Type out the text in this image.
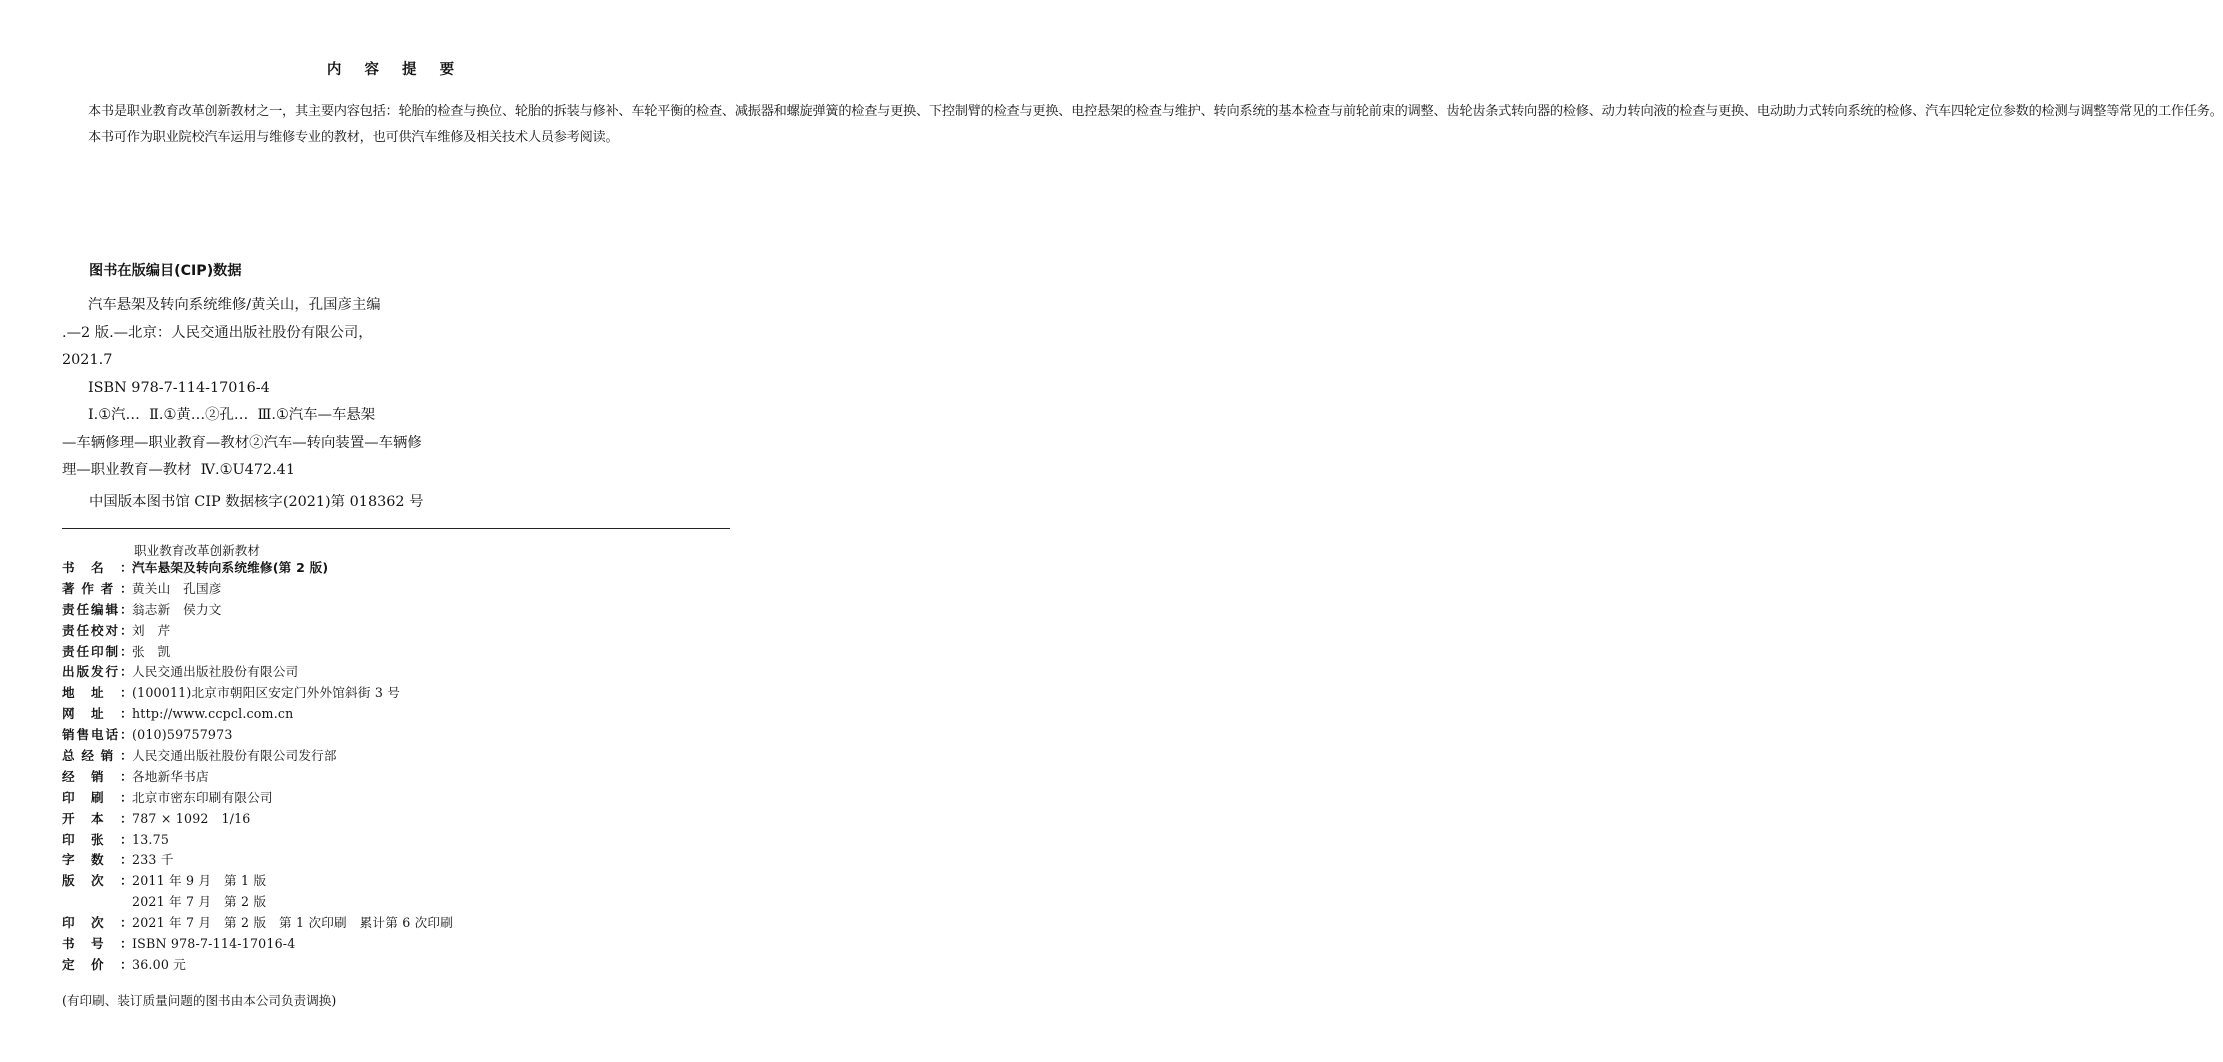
内 容 提 要

本书是职业教育改革创新教材之一，其主要内容包括：轮胎的检查与换位、轮胎的拆装与修补、车轮平衡的检查、减振器和螺旋弹簧的检查与更换、下控制臂的检查与更换、电控悬架的检查与维护、转向系统的基本检查与前轮前束的调整、齿轮齿条式转向器的检修、动力转向液的检查与更换、电动助力式转向系统的检修、汽车四轮定位参数的检测与调整等常见的工作任务。

本书可作为职业院校汽车运用与维修专业的教材，也可供汽车维修及相关技术人员参考阅读。

图书在版编目(CIP)数据
汽车悬架及转向系统维修/黄关山，孔国彦主编
.—2 版.—北京：人民交通出版社股份有限公司，
2021.7
ISBN 978-7-114-17016-4
Ⅰ.①汽…  Ⅱ.①黄…②孔…  Ⅲ.①汽车—车悬架
—车辆修理—职业教育—教材②汽车—转向装置—车辆修
理—职业教育—教材  Ⅳ.①U472.41
中国版本图书馆 CIP 数据核字(2021)第 018362 号
职业教育改革创新教材
书 名 ： 汽车悬架及转向系统维修(第 2 版)
著 作 者 ： 黄关山　孔国彦
责 任 编 辑 ： 翁志新　侯力文
责 任 校 对 ： 刘　芹
责 任 印 制 ： 张　凯
出 版 发 行 ： 人民交通出版社股份有限公司
地 址 ： (100011)北京市朝阳区安定门外外馆斜街 3 号
网 址 ： http://www.ccpcl.com.cn
销 售 电 话 ： (010)59757973
总 经 销 ： 人民交通出版社股份有限公司发行部
经 销 ： 各地新华书店
印 刷 ： 北京市密东印刷有限公司
开 本 ： 787 × 1092　1/16
印 张 ： 13.75
字 数 ： 233 千
版 次 ： 2011 年 9 月　第 1 版
2021 年 7 月　第 2 版
印 次 ： 2021 年 7 月　第 2 版　第 1 次印刷　累计第 6 次印刷
书 号 ： ISBN 978-7-114-17016-4
定 价 ： 36.00 元
(有印刷、装订质量问题的图书由本公司负责调换)
